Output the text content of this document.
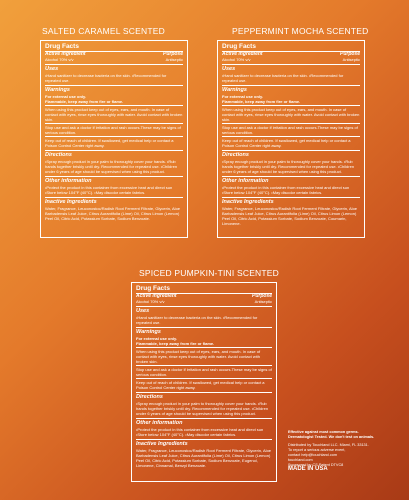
SALTED CARAMEL SCENTED
Drug Facts
Active ingredient	Purpose
Alcohol 70% v/v	Antiseptic
Uses

•Hand sanitizer to decrease bacteria on the skin. •Recommended for repeated use.

Warnings

For external use only.

Flammable, keep away from fire or flame.

When using this product keep out of eyes, ears, and mouth. In case of contact with eyes, rinse eyes thoroughly with water. Avoid contact with broken skin.

Stop use and ask a doctor if irritation and rash occurs.These may be signs of serious condition.

Keep out of reach of children. If swallowed, get medical help or contact a Poison Control Center right away.

Directions

•Spray enough product in your palm to thoroughly cover your hands. •Rub hands together briskly until dry. Recommended for repeated use. •Children under 6 years of age should be supervised when using this product.

Other information

•Protect the product in this container from excessive heat and direct sun •Store below 104°F (40°C). •May discolor certain fabrics.

Inactive Ingredients

Water, Fragrance, Leuconostoc/Radish Root Ferment Filtrate, Glycerin, Aloe Barbadensis Leaf Juice, Citrus Aurantifolia (Lime) Oil, Citrus Limon (Lemon) Peel Oil, Citric Acid, Potassium Sorbate, Sodium Benzoate.

PEPPERMINT MOCHA SCENTED
Drug Facts
Active ingredient	Purpose
Alcohol 70% v/v	Antiseptic
Uses

•Hand sanitizer to decrease bacteria on the skin. •Recommended for repeated use.

Warnings

For external use only.

Flammable, keep away from fire or flame.

When using this product keep out of eyes, ears, and mouth. In case of contact with eyes, rinse eyes thoroughly with water. Avoid contact with broken skin.

Stop use and ask a doctor if irritation and rash occurs.These may be signs of serious condition.

Keep out of reach of children. If swallowed, get medical help or contact a Poison Control Center right away.

Directions

•Spray enough product in your palm to thoroughly cover your hands. •Rub hands together briskly until dry. Recommended for repeated use. •Children under 6 years of age should be supervised when using this product.

Other information

•Protect the product in this container from excessive heat and direct sun •Store below 104°F (40°C). •May discolor certain fabrics.

Inactive Ingredients

Water, Fragrance, Leuconostoc/Radish Root Ferment Filtrate, Glycerin, Aloe Barbadensis Leaf Juice, Citrus Aurantifolia (Lime) Oil, Citrus Limon (Lemon) Peel Oil, Citric Acid, Potassium Sorbate, Sodium Benzoate, Coumarin, Limonene.

SPICED PUMPKIN-TINI SCENTED
Drug Facts
Active ingredient	Purpose
Alcohol 70% v/v	Antiseptic
Uses

•Hand sanitizer to decrease bacteria on the skin. •Recommended for repeated use.

Warnings

For external use only.

Flammable, keep away from fire or flame.

When using this product keep out of eyes, ears, and mouth. In case of contact with eyes, rinse eyes thoroughly with water. Avoid contact with broken skin.

Stop use and ask a doctor if irritation and rash occurs.These may be signs of serious condition.

Keep out of reach of children. If swallowed, get medical help or contact a Poison Control Center right away.

Directions

•Spray enough product in your palm to thoroughly cover your hands. •Rub hands together briskly until dry. Recommended for repeated use. •Children under 6 years of age should be supervised when using this product.

Other information

•Protect the product in this container from excessive heat and direct sun •Store below 104°F (40°C). •May discolor certain fabrics.

Inactive Ingredients

Water, Fragrance, Leuconostoc/Radish Root Ferment Filtrate, Glycerin, Aloe Barbadensis Leaf Juice, Citrus Aurantifolia (Lime) Oil, Citrus Limon (Lemon) Peel Oil, Citric Acid, Potassium Sorbate, Sodium Benzoate, Eugenol, Limonene, Cinnamal, Benzyl Benzoate.

Effective against most common germs.
Dermatologist Tested. We don't test on animals.
Distributed by Touchland LLC. Miami, FL 33131.
To report a serious adverse event,
contact help@touchland.com
touchland.com
Sponsored by CS Patent DTVC8
MADE IN USA
